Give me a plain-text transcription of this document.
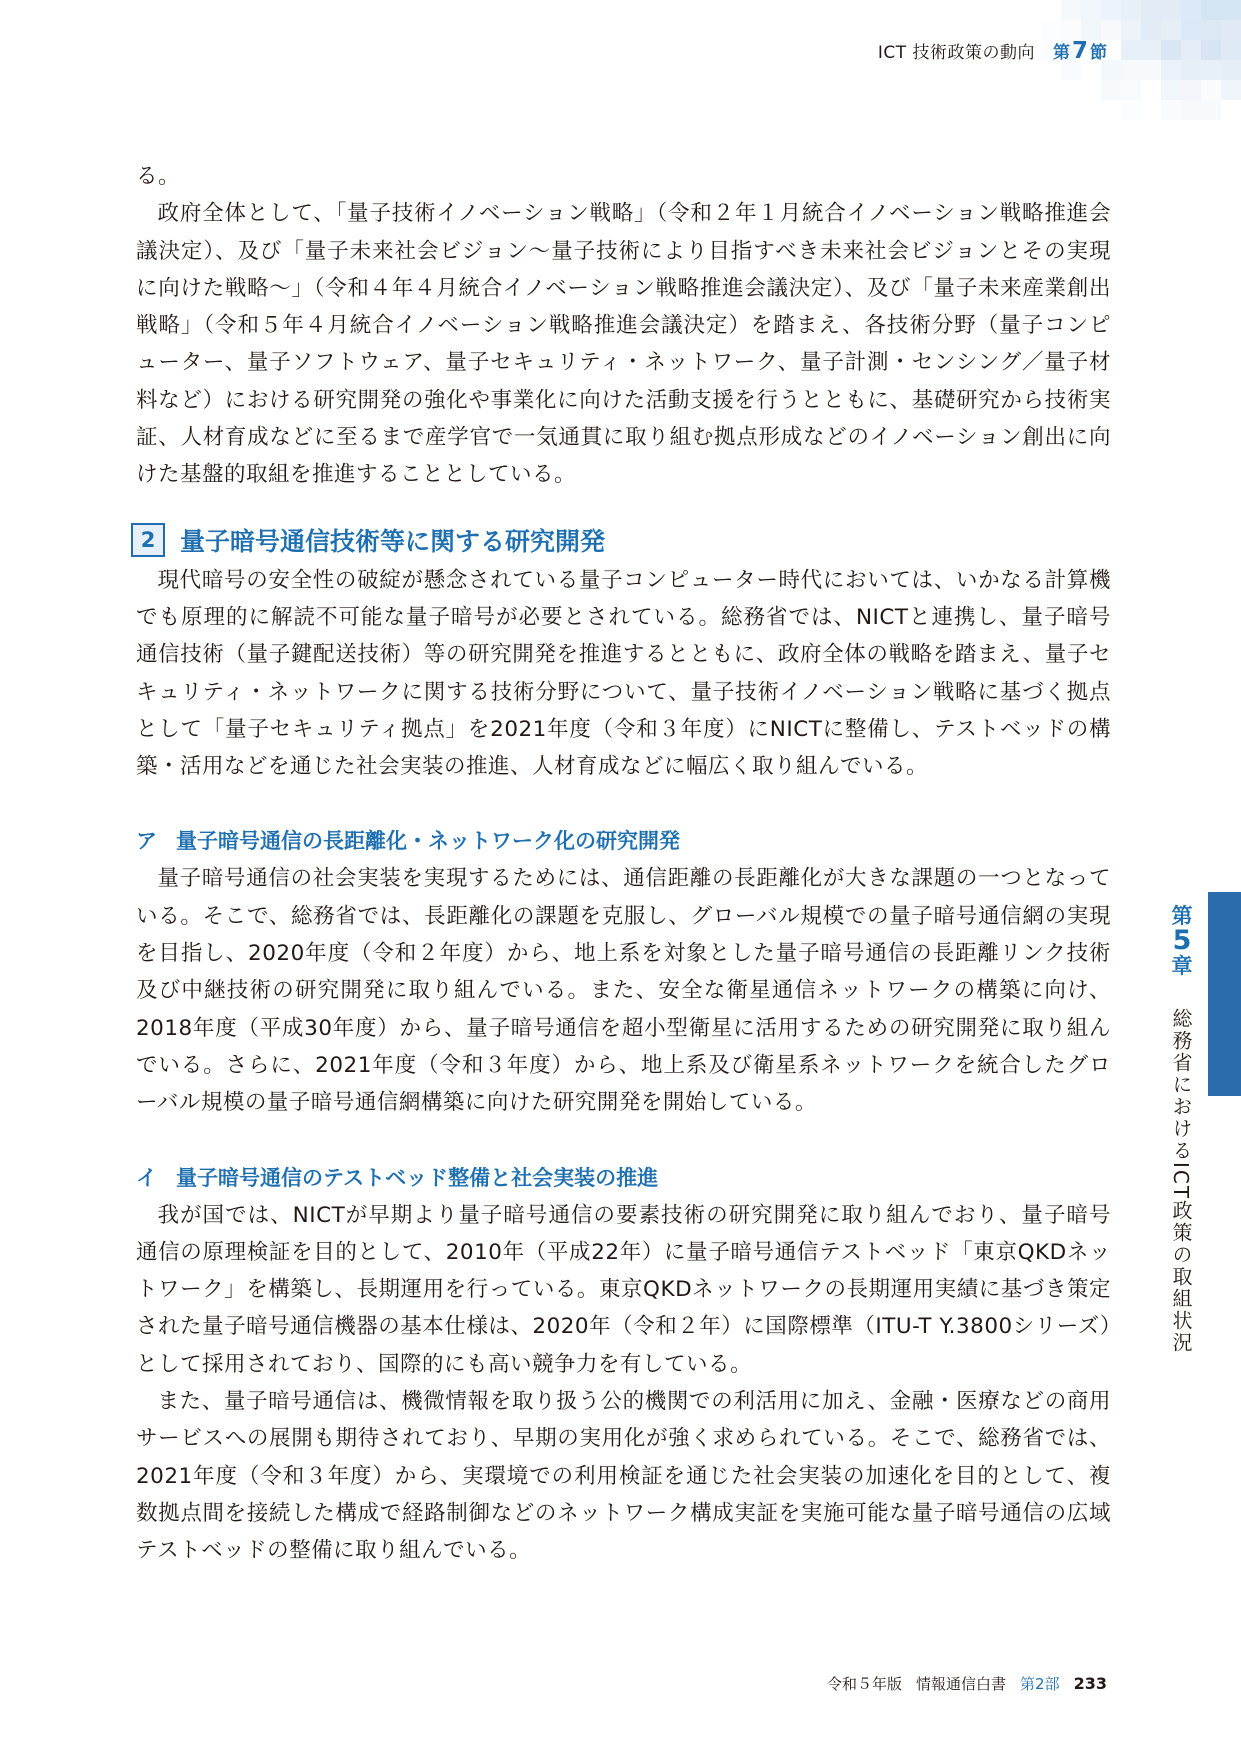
ICT 技術政策の動向 第7 節

る。

政府全体として、「量子技術イノベーション戦略」（令和２年１月統合イノベーション戦略推進会議決定）、及び「量子未来社会ビジョン～量子技術により目指すべき未来社会ビジョンとその実現に向けた戦略～」（令和４年４月統合イノベーション戦略推進会議決定）、及び「量子未来産業創出戦略」（令和５年４月統合イノベーション戦略推進会議決定）を踏まえ、各技術分野（量子コンピューター、量子ソフトウェア、量子セキュリティ・ネットワーク、量子計測・センシング／量子材料など）における研究開発の強化や事業化に向けた活動支援を行うとともに、基礎研究から技術実証、人材育成などに至るまで産学官で一気通貫に取り組む拠点形成などのイノベーション創出に向けた基盤的取組を推進することとしている。

2 量子暗号通信技術等に関する研究開発

現代暗号の安全性の破綻が懸念されている量子コンピューター時代においては、いかなる計算機でも原理的に解読不可能な量子暗号が必要とされている。総務省では、NICTと連携し、量子暗号通信技術（量子鍵配送技術）等の研究開発を推進するとともに、政府全体の戦略を踏まえ、量子セキュリティ・ネットワークに関する技術分野について、量子技術イノベーション戦略に基づく拠点として「量子セキュリティ拠点」を2021年度（令和３年度）にNICTに整備し、テストベッドの構築・活用などを通じた社会実装の推進、人材育成などに幅広く取り組んでいる。

ア 量子暗号通信の長距離化・ネットワーク化の研究開発

量子暗号通信の社会実装を実現するためには、通信距離の長距離化が大きな課題の一つとなっている。そこで、総務省では、長距離化の課題を克服し、グローバル規模での量子暗号通信網の実現を目指し、2020年度（令和２年度）から、地上系を対象とした量子暗号通信の長距離リンク技術及び中継技術の研究開発に取り組んでいる。また、安全な衛星通信ネットワークの構築に向け、2018年度（平成30年度）から、量子暗号通信を超小型衛星に活用するための研究開発に取り組んでいる。さらに、2021年度（令和３年度）から、地上系及び衛星系ネットワークを統合したグローバル規模の量子暗号通信網構築に向けた研究開発を開始している。

イ 量子暗号通信のテストベッド整備と社会実装の推進

我が国では、NICTが早期より量子暗号通信の要素技術の研究開発に取り組んでおり、量子暗号通信の原理検証を目的として、2010年（平成22年）に量子暗号通信テストベッド「東京QKDネットワーク」を構築し、長期運用を行っている。東京QKDネットワークの長期運用実績に基づき策定された量子暗号通信機器の基本仕様は、2020年（令和２年）に国際標準（ITU-T Y.3800シリーズ）として採用されており、国際的にも高い競争力を有している。

また、量子暗号通信は、機微情報を取り扱う公的機関での利活用に加え、金融・医療などの商用サービスへの展開も期待されており、早期の実用化が強く求められている。そこで、総務省では、2021年度（令和３年度）から、実環境での利用検証を通じた社会実装の加速化を目的として、複数拠点間を接続した構成で経路制御などのネットワーク構成実証を実施可能な量子暗号通信の広域テストベッドの整備に取り組んでいる。

第
5
章
総務省におけるICT政策の取組状況
令和５年版 情報通信白書 第2部 233
